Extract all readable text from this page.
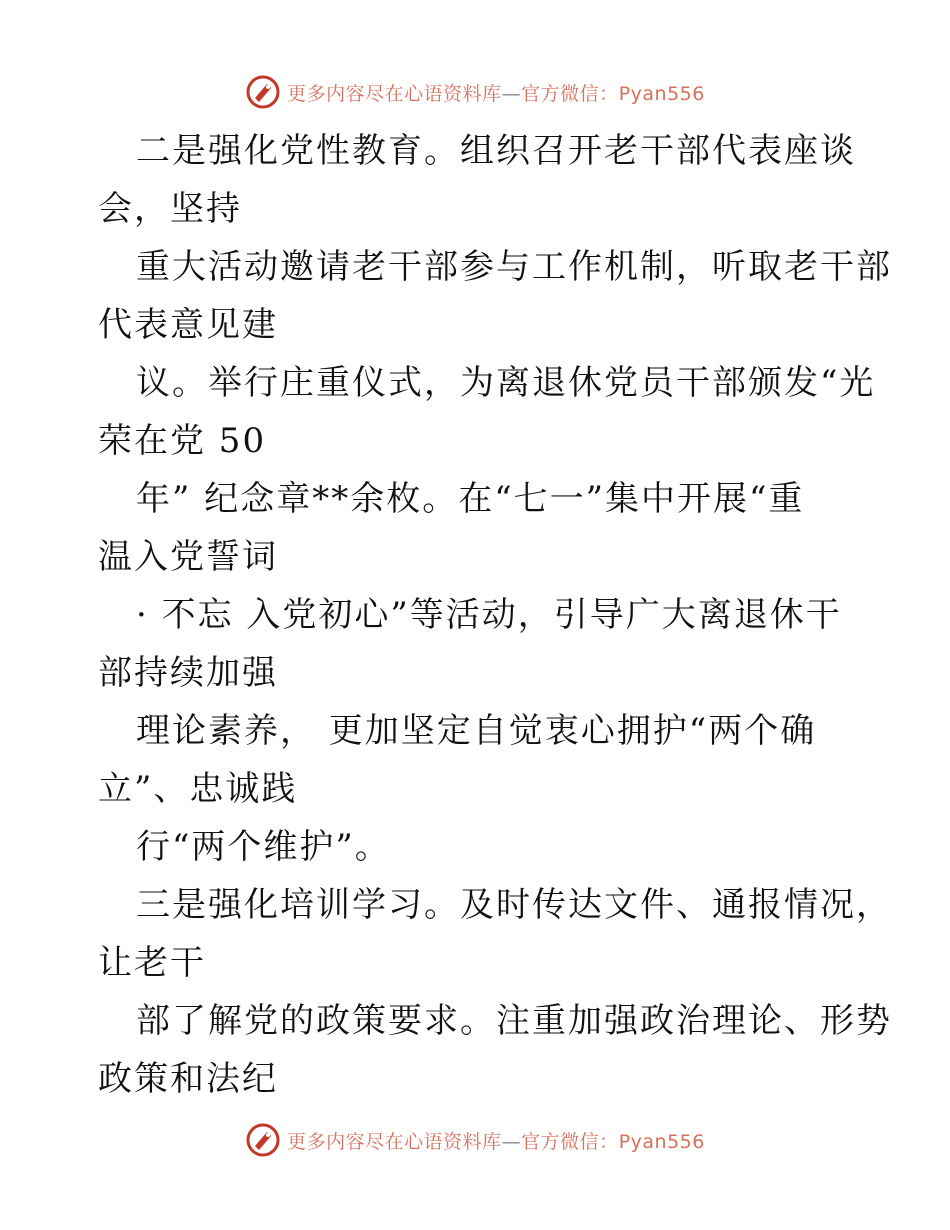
更多内容尽在心语资料库—官方微信：Pyan556
二是强化党性教育。组织召开老干部代表座谈
会，坚持
重大活动邀请老干部参与工作机制，听取老干部
代表意见建
议。举行庄重仪式，为离退休党员干部颁发“光
荣在党 50
年” 纪念章**余枚。在“七一”集中开展“重
温入党誓词
· 不忘 入党初心”等活动，引导广大离退休干
部持续加强
理论素养， 更加坚定自觉衷心拥护“两个确
立”、忠诚践
行“两个维护”。
三是强化培训学习。及时传达文件、通报情况，
让老干
部了解党的政策要求。注重加强政治理论、形势
政策和法纪
更多内容尽在心语资料库—官方微信：Pyan556
